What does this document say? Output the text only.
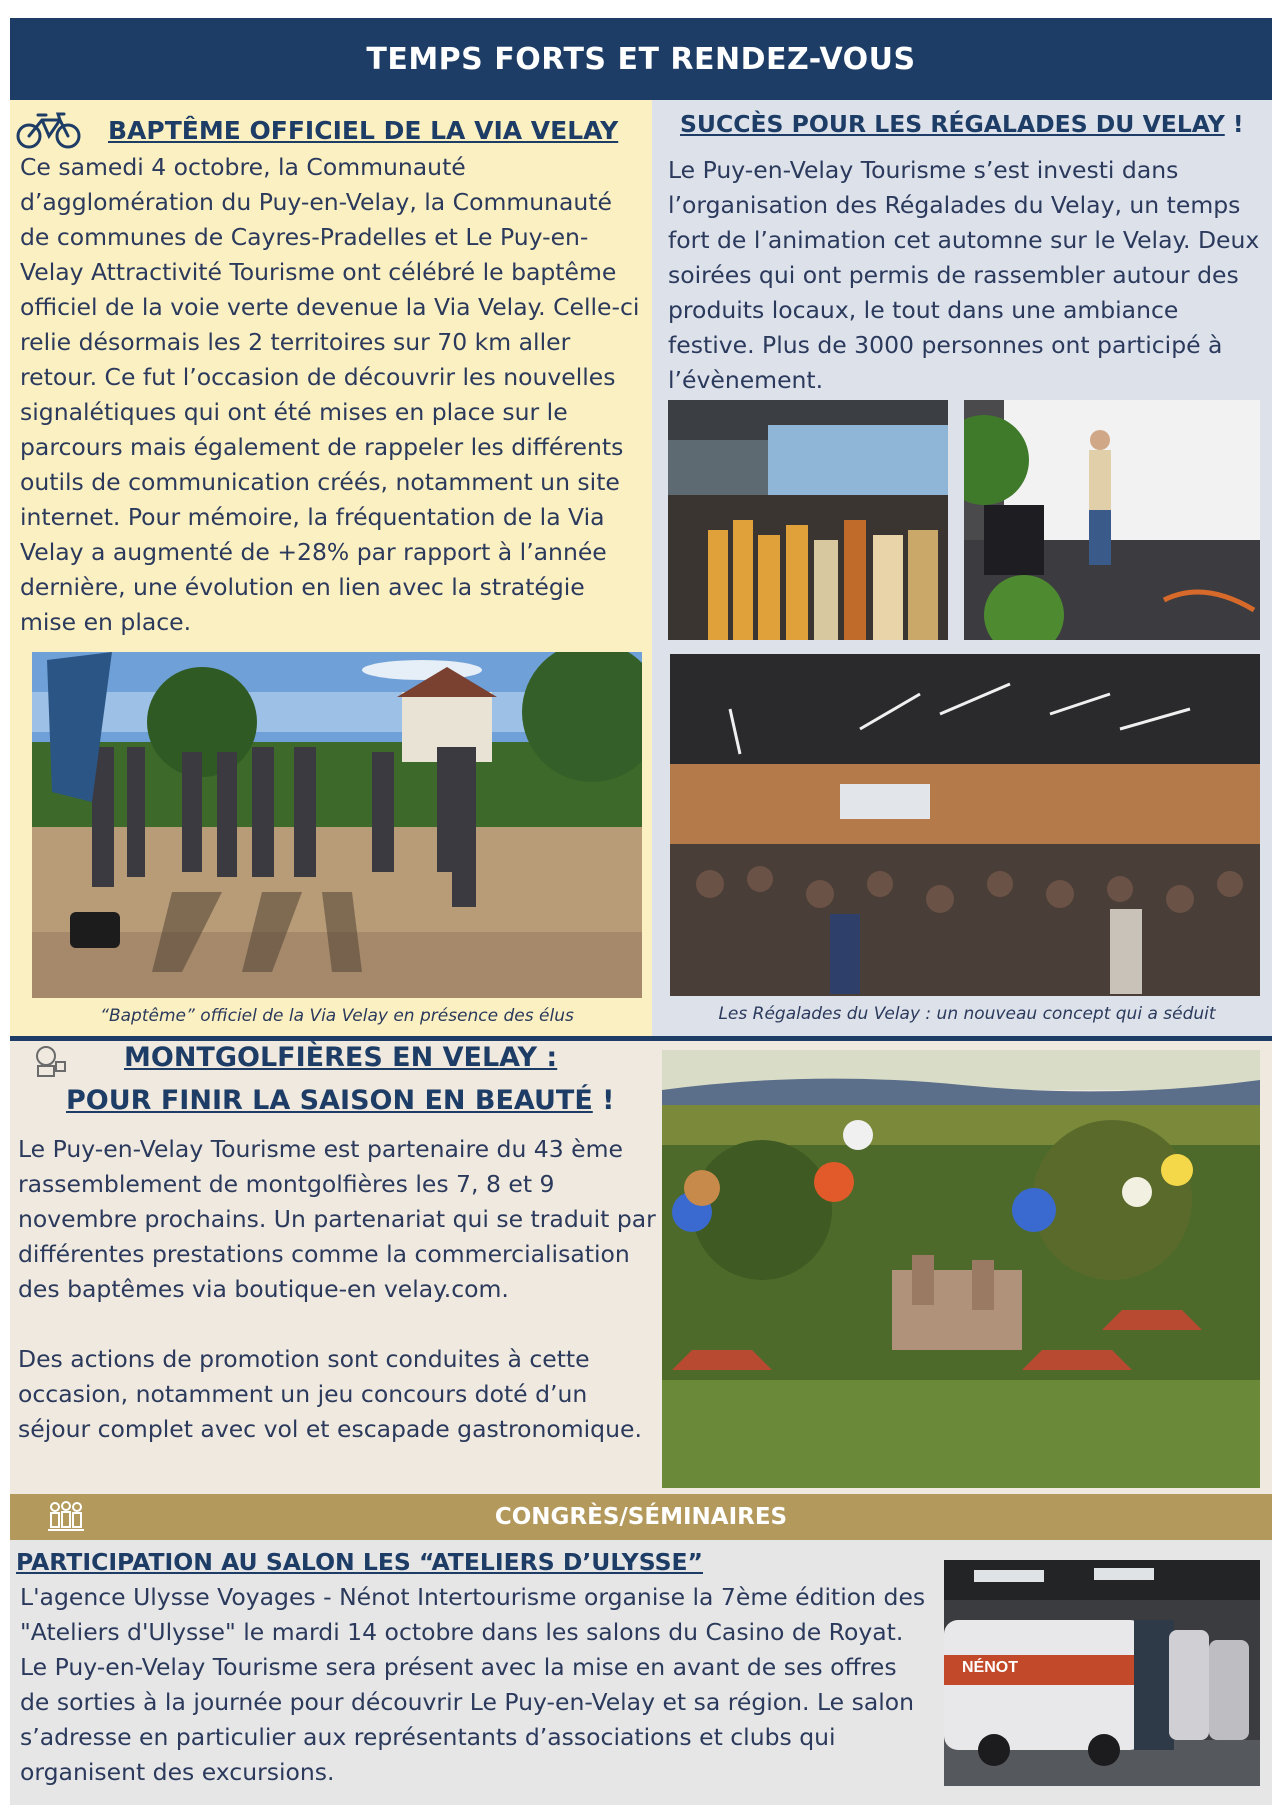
TEMPS FORTS ET RENDEZ-VOUS
BAPTÊME OFFICIEL DE LA VIA VELAY
Ce samedi 4 octobre, la Communauté d’agglomération du Puy-en-Velay, la Communauté de communes de Cayres-Pradelles et Le Puy-en-Velay Attractivité Tourisme ont célébré le baptême officiel de la voie verte devenue la Via Velay. Celle-ci relie désormais les 2 territoires sur 70 km aller retour. Ce fut l’occasion de découvrir les nouvelles signalétiques qui ont été mises en place sur le parcours mais également de rappeler les différents outils de communication créés, notamment un site internet. Pour mémoire, la fréquentation de la Via Velay a augmenté de +28% par rapport à l’année dernière, une évolution en lien avec la stratégie mise en place.
“Baptême” officiel de la Via Velay en présence des élus
SUCCÈS POUR LES RÉGALADES DU VELAY !
Le Puy-en-Velay Tourisme s’est investi dans l’organisation des Régalades du Velay, un temps fort de l’animation cet automne sur le Velay. Deux soirées qui ont permis de rassembler autour des produits locaux, le tout dans une ambiance festive. Plus de 3000 personnes ont participé à l’évènement.
Les Régalades du Velay : un nouveau concept qui a séduit
MONTGOLFIÈRES EN VELAY :
POUR FINIR LA SAISON EN BEAUTÉ !
Le Puy-en-Velay Tourisme est partenaire du 43 ème rassemblement de montgolfières les 7, 8 et 9 novembre prochains. Un partenariat qui se traduit par différentes prestations comme la commercialisation des baptêmes via boutique-en velay.com.
Des actions de promotion sont conduites à cette occasion, notamment un jeu concours doté d’un séjour complet avec vol et escapade gastronomique.
CONGRÈS/SÉMINAIRES
PARTICIPATION AU SALON LES “ATELIERS D’ULYSSE”
L'agence Ulysse Voyages - Nénot Intertourisme organise la 7ème édition des "Ateliers d'Ulysse" le mardi 14 octobre dans les salons du Casino de Royat. Le Puy-en-Velay Tourisme sera présent avec la mise en avant de ses offres de sorties à la journée pour découvrir Le Puy-en-Velay et sa région. Le salon s’adresse en particulier aux représentants d’associations et clubs qui organisent des excursions.
NÉNOT
